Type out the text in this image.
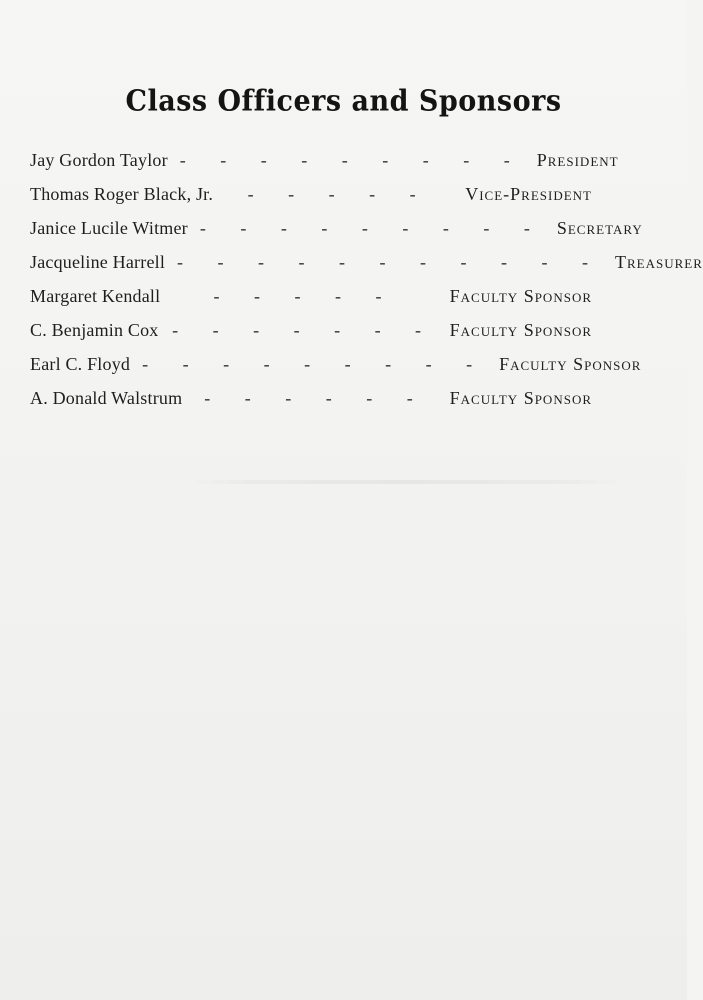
Class Officers and Sponsors
Jay Gordon Taylor - - - - - - - - - President
Thomas Roger Black, Jr.	- - - - -	Vice-President
Janice Lucile Witmer - - - - - - - - - Secretary
Jacqueline Harrell - - - - - - - - - - - Treasurer
Margaret Kendall	- - - - -	Faculty Sponsor
C. Benjamin Cox - - - - - - - Faculty Sponsor
Earl C. Floyd - - - - - - - - - Faculty Sponsor
A. Donald Walstrum	- - - - - -	Faculty Sponsor
